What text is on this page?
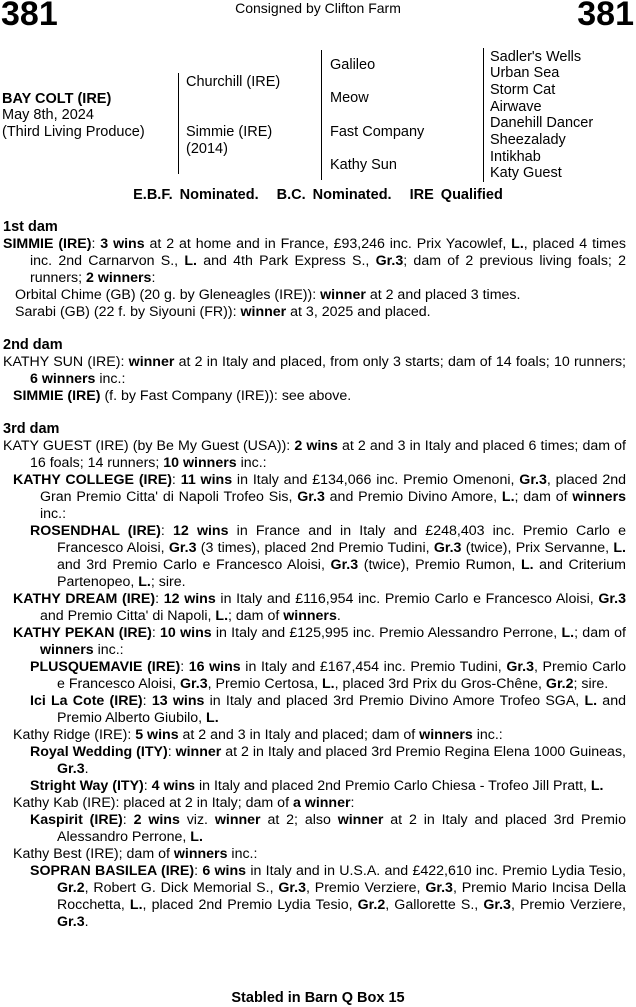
381	Consigned by Clifton Farm	381
BAY COLT (IRE)
May 8th, 2024
(Third Living Produce)
Churchill (IRE)
Simmie (IRE)
(2014)
Galileo
Meow
Fast Company
Kathy Sun
Sadler's Wells
Urban Sea
Storm Cat
Airwave
Danehill Dancer
Sheezalady
Intikhab
Katy Guest
E.B.F. Nominated. B.C. Nominated. IRE Qualified
1st dam
SIMMIE (IRE): 3 wins at 2 at home and in France, £93,246 inc. Prix Yacowlef, L., placed 4 times inc. 2nd Carnarvon S., L. and 4th Park Express S., Gr.3; dam of 2 previous living foals; 2 runners; 2 winners:
Orbital Chime (GB) (20 g. by Gleneagles (IRE)): winner at 2 and placed 3 times.
Sarabi (GB) (22 f. by Siyouni (FR)): winner at 3, 2025 and placed.
2nd dam
KATHY SUN (IRE): winner at 2 in Italy and placed, from only 3 starts; dam of 14 foals; 10 runners; 6 winners inc.:
SIMMIE (IRE) (f. by Fast Company (IRE)): see above.
3rd dam
KATY GUEST (IRE) (by Be My Guest (USA)): 2 wins at 2 and 3 in Italy and placed 6 times; dam of 16 foals; 14 runners; 10 winners inc.:
KATHY COLLEGE (IRE): 11 wins in Italy and £134,066 inc. Premio Omenoni, Gr.3, placed 2nd Gran Premio Citta' di Napoli Trofeo Sis, Gr.3 and Premio Divino Amore, L.; dam of winners inc.:
ROSENDHAL (IRE): 12 wins in France and in Italy and £248,403 inc. Premio Carlo e Francesco Aloisi, Gr.3 (3 times), placed 2nd Premio Tudini, Gr.3 (twice), Prix Servanne, L. and 3rd Premio Carlo e Francesco Aloisi, Gr.3 (twice), Premio Rumon, L. and Criterium Partenopeo, L.; sire.
KATHY DREAM (IRE): 12 wins in Italy and £116,954 inc. Premio Carlo e Francesco Aloisi, Gr.3 and Premio Citta' di Napoli, L.; dam of winners.
KATHY PEKAN (IRE): 10 wins in Italy and £125,995 inc. Premio Alessandro Perrone, L.; dam of winners inc.:
PLUSQUEMAVIE (IRE): 16 wins in Italy and £167,454 inc. Premio Tudini, Gr.3, Premio Carlo e Francesco Aloisi, Gr.3, Premio Certosa, L., placed 3rd Prix du Gros-Chêne, Gr.2; sire.
Ici La Cote (IRE): 13 wins in Italy and placed 3rd Premio Divino Amore Trofeo SGA, L. and Premio Alberto Giubilo, L.
Kathy Ridge (IRE): 5 wins at 2 and 3 in Italy and placed; dam of winners inc.:
Royal Wedding (ITY): winner at 2 in Italy and placed 3rd Premio Regina Elena 1000 Guineas, Gr.3.
Stright Way (ITY): 4 wins in Italy and placed 2nd Premio Carlo Chiesa - Trofeo Jill Pratt, L.
Kathy Kab (IRE): placed at 2 in Italy; dam of a winner:
Kaspirit (IRE): 2 wins viz. winner at 2; also winner at 2 in Italy and placed 3rd Premio Alessandro Perrone, L.
Kathy Best (IRE); dam of winners inc.:
SOPRAN BASILEA (IRE): 6 wins in Italy and in U.S.A. and £422,610 inc. Premio Lydia Tesio, Gr.2, Robert G. Dick Memorial S., Gr.3, Premio Verziere, Gr.3, Premio Mario Incisa Della Rocchetta, L., placed 2nd Premio Lydia Tesio, Gr.2, Gallorette S., Gr.3, Premio Verziere, Gr.3.
Stabled in Barn Q Box 15
